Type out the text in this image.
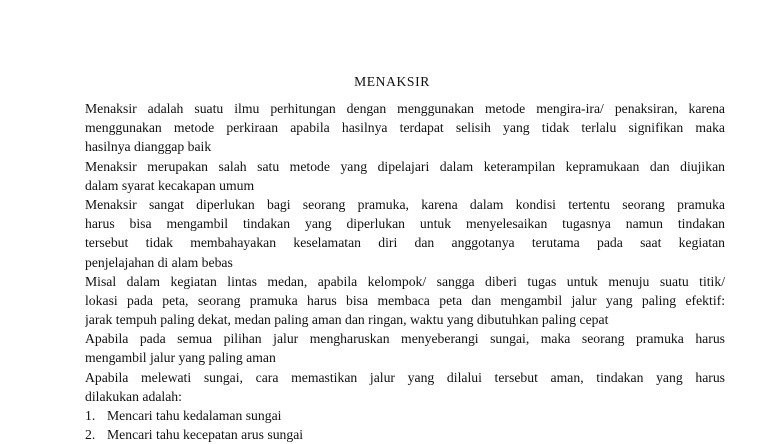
MENAKSIR
Menaksir adalah suatu ilmu perhitungan dengan menggunakan metode mengira-ira/ penaksiran, karena
menggunakan metode perkiraan apabila hasilnya terdapat selisih yang tidak terlalu signifikan maka
hasilnya dianggap baik
Menaksir merupakan salah satu metode yang dipelajari dalam keterampilan kepramukaan dan diujikan
dalam syarat kecakapan umum
Menaksir sangat diperlukan bagi seorang pramuka, karena dalam kondisi tertentu seorang pramuka
harus bisa mengambil tindakan yang diperlukan untuk menyelesaikan tugasnya namun tindakan
tersebut tidak membahayakan keselamatan diri dan anggotanya terutama pada saat kegiatan
penjelajahan di alam bebas
Misal dalam kegiatan lintas medan, apabila kelompok/ sangga diberi tugas untuk menuju suatu titik/
lokasi pada peta, seorang pramuka harus bisa membaca peta dan mengambil jalur yang paling efektif:
jarak tempuh paling dekat, medan paling aman dan ringan, waktu yang dibutuhkan paling cepat
Apabila pada semua pilihan jalur mengharuskan menyeberangi sungai, maka seorang pramuka harus
mengambil jalur yang paling aman
Apabila melewati sungai, cara memastikan jalur yang dilalui tersebut aman, tindakan yang harus
dilakukan adalah:
1. Mencari tahu kedalaman sungai
2. Mencari tahu kecepatan arus sungai
